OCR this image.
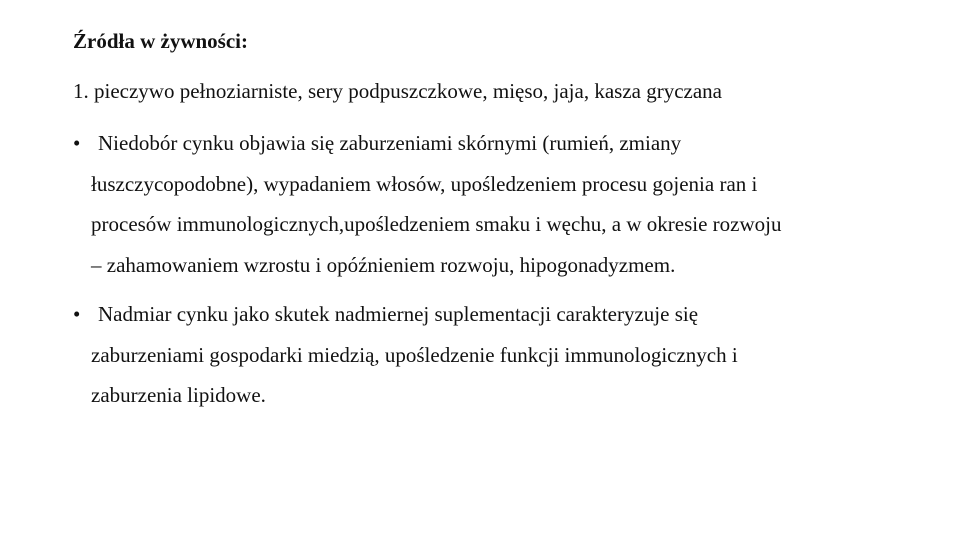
Źródła w żywności:
1. pieczywo pełnoziarniste, sery podpuszczkowe, mięso, jaja, kasza gryczana
• Niedobór cynku objawia się zaburzeniami skórnymi (rumień, zmiany
łuszczycopodobne), wypadaniem włosów, upośledzeniem procesu gojenia ran i
procesów immunologicznych,upośledzeniem smaku i węchu, a w okresie rozwoju
– zahamowaniem wzrostu i opóźnieniem rozwoju, hipogonadyzmem.
• Nadmiar cynku jako skutek nadmiernej suplementacji carakteryzuje się
zaburzeniami gospodarki miedzią, upośledzenie funkcji immunologicznych i
zaburzenia lipidowe.
